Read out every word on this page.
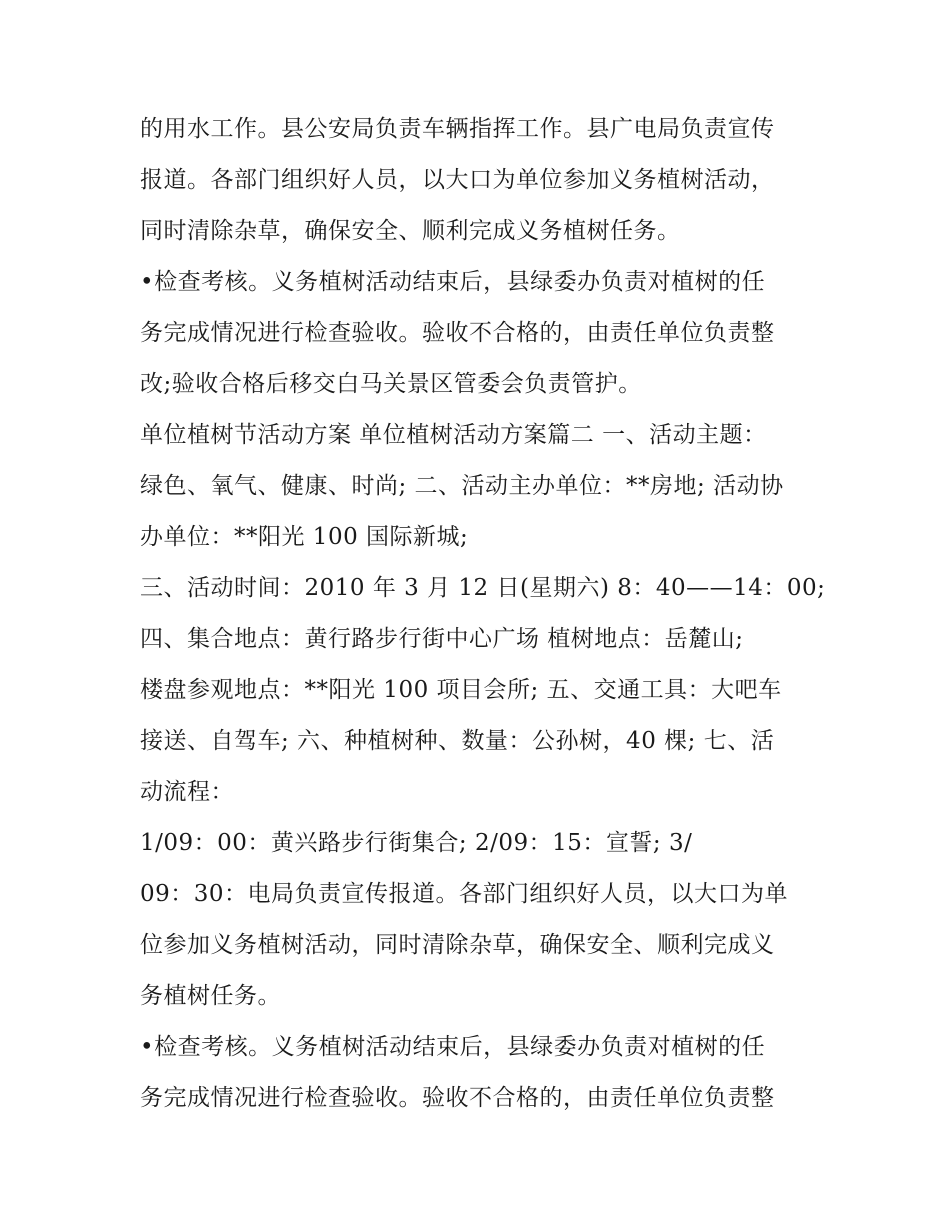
的用水工作。县公安局负责车辆指挥工作。县广电局负责宣传
报道。各部门组织好人员，以大口为单位参加义务植树活动，
同时清除杂草，确保安全、顺利完成义务植树任务。
•检查考核。义务植树活动结束后，县绿委办负责对植树的任
务完成情况进行检查验收。验收不合格的，由责任单位负责整
改;验收合格后移交白马关景区管委会负责管护。
单位植树节活动方案 单位植树活动方案篇二 一、活动主题：
绿色、氧气、健康、时尚; 二、活动主办单位：**房地; 活动协
办单位：**阳光 100 国际新城;
三、活动时间：2010 年 3 月 12 日(星期六) 8：40——14：00;
四、集合地点：黄行路步行街中心广场 植树地点：岳麓山;
楼盘参观地点：**阳光 100 项目会所; 五、交通工具：大吧车
接送、自驾车; 六、种植树种、数量：公孙树，40 棵; 七、活
动流程：
1/09：00：黄兴路步行街集合; 2/09：15：宣誓; 3/
09：30：电局负责宣传报道。各部门组织好人员，以大口为单
位参加义务植树活动，同时清除杂草，确保安全、顺利完成义
务植树任务。
•检查考核。义务植树活动结束后，县绿委办负责对植树的任
务完成情况进行检查验收。验收不合格的，由责任单位负责整
